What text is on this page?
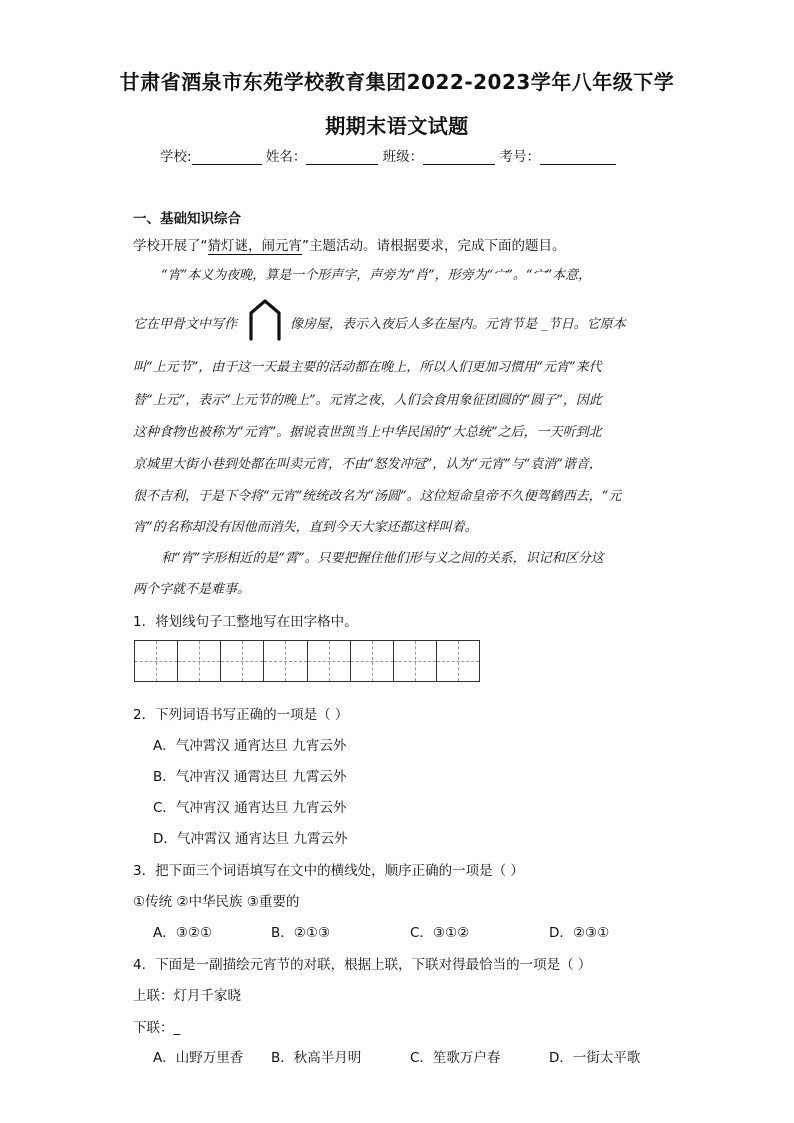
甘肃省酒泉市东苑学校教育集团2022-2023学年八年级下学
期期末语文试题
学校:	姓名：	班级：	考号：
一、基础知识综合
学校开展了“猜灯谜，闹元宵”主题活动。请根据要求，完成下面的题目。
“宵”本义为夜晚，算是一个形声字，声旁为“肖”，形旁为“宀”。“宀”本意，
它在甲骨文中写作	，像房屋，表示入夜后人多在屋内。元宵节是 _节日。它原本
叫“上元节”，由于这一天最主要的活动都在晚上，所以人们更加习惯用“元宵”来代
替“上元”，表示“上元节的晚上”。元宵之夜，人们会食用象征团圆的“圆子”，因此
这种食物也被称为“元宵”。据说袁世凯当上中华民国的“大总统”之后，一天听到北
京城里大街小巷到处都在叫卖元宵，不由“怒发冲冠”，认为“元宵”与“袁消”谐音，
很不吉利，于是下令将“元宵”统统改名为“汤圆”。这位短命皇帝不久便驾鹤西去，“元
宵”的名称却没有因他而消失，直到今天大家还都这样叫着。
和“宵”字形相近的是“霄”。只要把握住他们形与义之间的关系，识记和区分这
两个字就不是难事。
1．将划线句子工整地写在田字格中。
2．下列词语书写正确的一项是（ ）
A．气冲霄汉 通宵达旦 九宵云外
B．气冲宵汉 通霄达旦 九霄云外
C．气冲宵汉 通宵达旦 九宵云外
D．气冲霄汉 通宵达旦 九霄云外
3．把下面三个词语填写在文中的横线处，顺序正确的一项是（ ）
①传统 ②中华民族 ③重要的
A．③②①	B．②①③	C．③①②	D．②③①
4．下面是一副描绘元宵节的对联，根据上联，下联对得最恰当的一项是（ ）
上联：灯月千家晓
下联：_
A．山野万里香 B．秋高半月明	C．笙歌万户春	D．一街太平歌
